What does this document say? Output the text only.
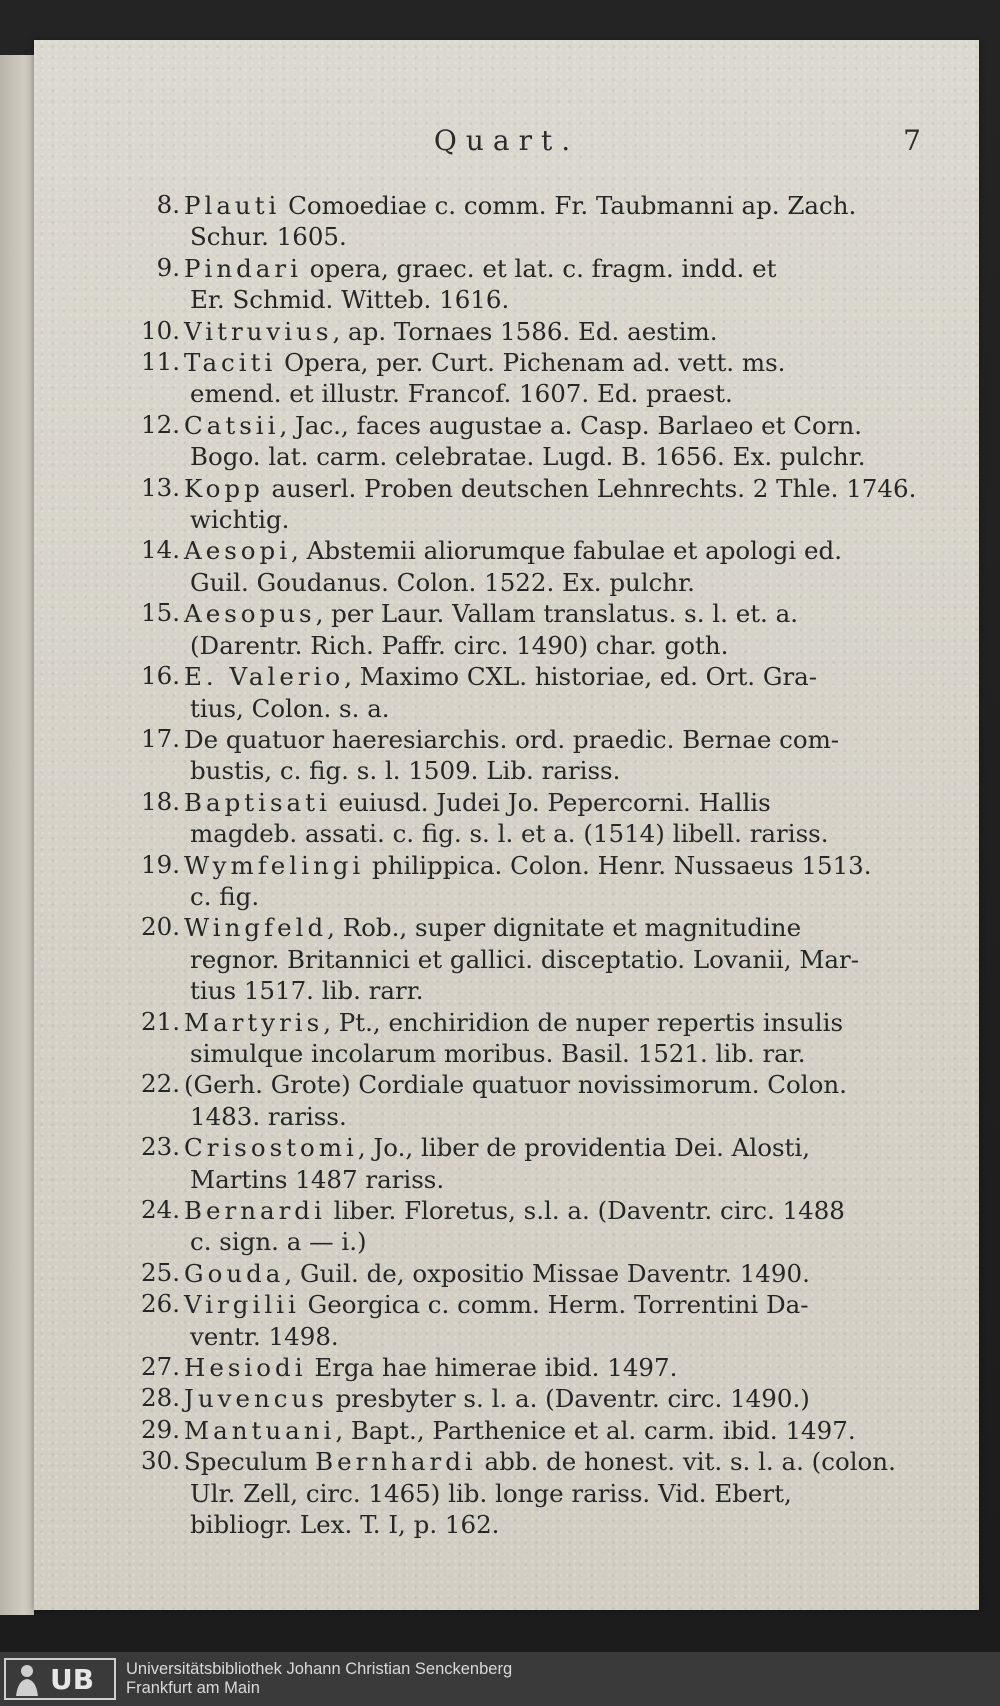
Quart.	7
8. Plauti Comoediae c. comm. Fr. Taubmanni ap. Zach.
Schur. 1605.
9. Pindari opera, graec. et lat. c. fragm. indd. et
Er. Schmid. Witteb. 1616.
10. Vitruvius, ap. Tornaes 1586. Ed. aestim.
11. Taciti Opera, per. Curt. Pichenam ad. vett. ms.
emend. et illustr. Francof. 1607. Ed. praest.
12. Catsii, Jac., faces augustae a. Casp. Barlaeo et Corn.
Bogo. lat. carm. celebratae. Lugd. B. 1656. Ex. pulchr.
13. Kopp auserl. Proben deutschen Lehnrechts. 2 Thle. 1746.
wichtig.
14. Aesopi, Abstemii aliorumque fabulae et apologi ed.
Guil. Goudanus. Colon. 1522. Ex. pulchr.
15. Aesopus, per Laur. Vallam translatus. s. l. et. a.
(Darentr. Rich. Paffr. circ. 1490) char. goth.
16. E. Valerio, Maximo CXL. historiae, ed. Ort. Gra-
tius, Colon. s. a.
17. De quatuor haeresiarchis. ord. praedic. Bernae com-
bustis, c. fig. s. l. 1509. Lib. rariss.
18. Baptisati euiusd. Judei Jo. Pepercorni. Hallis
magdeb. assati. c. fig. s. l. et a. (1514) libell. rariss.
19. Wymfelingi philippica. Colon. Henr. Nussaeus 1513.
c. fig.
20. Wingfeld, Rob., super dignitate et magnitudine
regnor. Britannici et gallici. disceptatio. Lovanii, Mar-
tius 1517. lib. rarr.
21. Martyris, Pt., enchiridion de nuper repertis insulis
simulque incolarum moribus. Basil. 1521. lib. rar.
22. (Gerh. Grote) Cordiale quatuor novissimorum. Colon.
1483. rariss.
23. Crisostomi, Jo., liber de providentia Dei. Alosti,
Martins 1487 rariss.
24. Bernardi liber. Floretus, s.l. a. (Daventr. circ. 1488
c. sign. a — i.)
25. Gouda, Guil. de, oxpositio Missae Daventr. 1490.
26. Virgilii Georgica c. comm. Herm. Torrentini Da-
ventr. 1498.
27. Hesiodi Erga hae himerae ibid. 1497.
28. Juvencus presbyter s. l. a. (Daventr. circ. 1490.)
29. Mantuani, Bapt., Parthenice et al. carm. ibid. 1497.
30. Speculum Bernhardi abb. de honest. vit. s. l. a. (colon.
Ulr. Zell, circ. 1465) lib. longe rariss. Vid. Ebert,
bibliogr. Lex. T. I, p. 162.
UB Universitätsbibliothek Johann Christian Senckenberg
Frankfurt am Main
